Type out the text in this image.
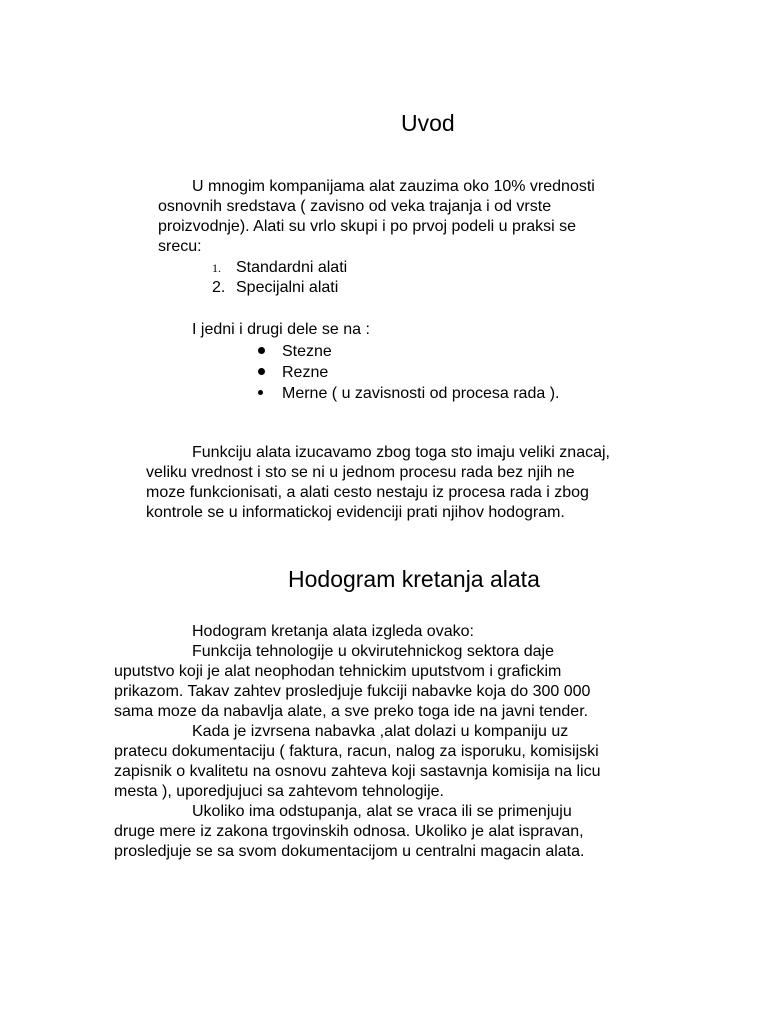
Uvod

U mnogim kompanijama alat zauzima oko 10% vrednosti
osnovnih sredstava ( zavisno od veka trajanja i od vrste
proizvodnje). Alati su vrlo skupi i po prvoj podeli u praksi se
srecu:

1. Standardni alati
2. Specijalni alati

I jedni i drugi dele se na :

Stezne
Rezne
Merne ( u zavisnosti od procesa rada ).

Funkciju alata izucavamo zbog toga sto imaju veliki znacaj,
veliku vrednost i sto se ni u jednom procesu rada bez njih ne
moze funkcionisati, a alati cesto nestaju iz procesa rada i zbog
kontrole se u informatickoj evidenciji prati njihov hodogram.

Hodogram kretanja alata

Hodogram kretanja alata izgleda ovako:
Funkcija tehnologije u okvirutehnickog sektora daje
uputstvo koji je alat neophodan tehnickim uputstvom i grafickim
prikazom. Takav zahtev prosledjuje fukciji nabavke koja do 300 000
sama moze da nabavlja alate, a sve preko toga ide na javni tender.
Kada je izvrsena nabavka ,alat dolazi u kompaniju uz
pratecu dokumentaciju ( faktura, racun, nalog za isporuku, komisijski
zapisnik o kvalitetu na osnovu zahteva koji sastavnja komisija na licu
mesta ), uporedjujuci sa zahtevom tehnologije.
Ukoliko ima odstupanja, alat se vraca ili se primenjuju
druge mere iz zakona trgovinskih odnosa. Ukoliko je alat ispravan,
prosledjuje se sa svom dokumentacijom u centralni magacin alata.
